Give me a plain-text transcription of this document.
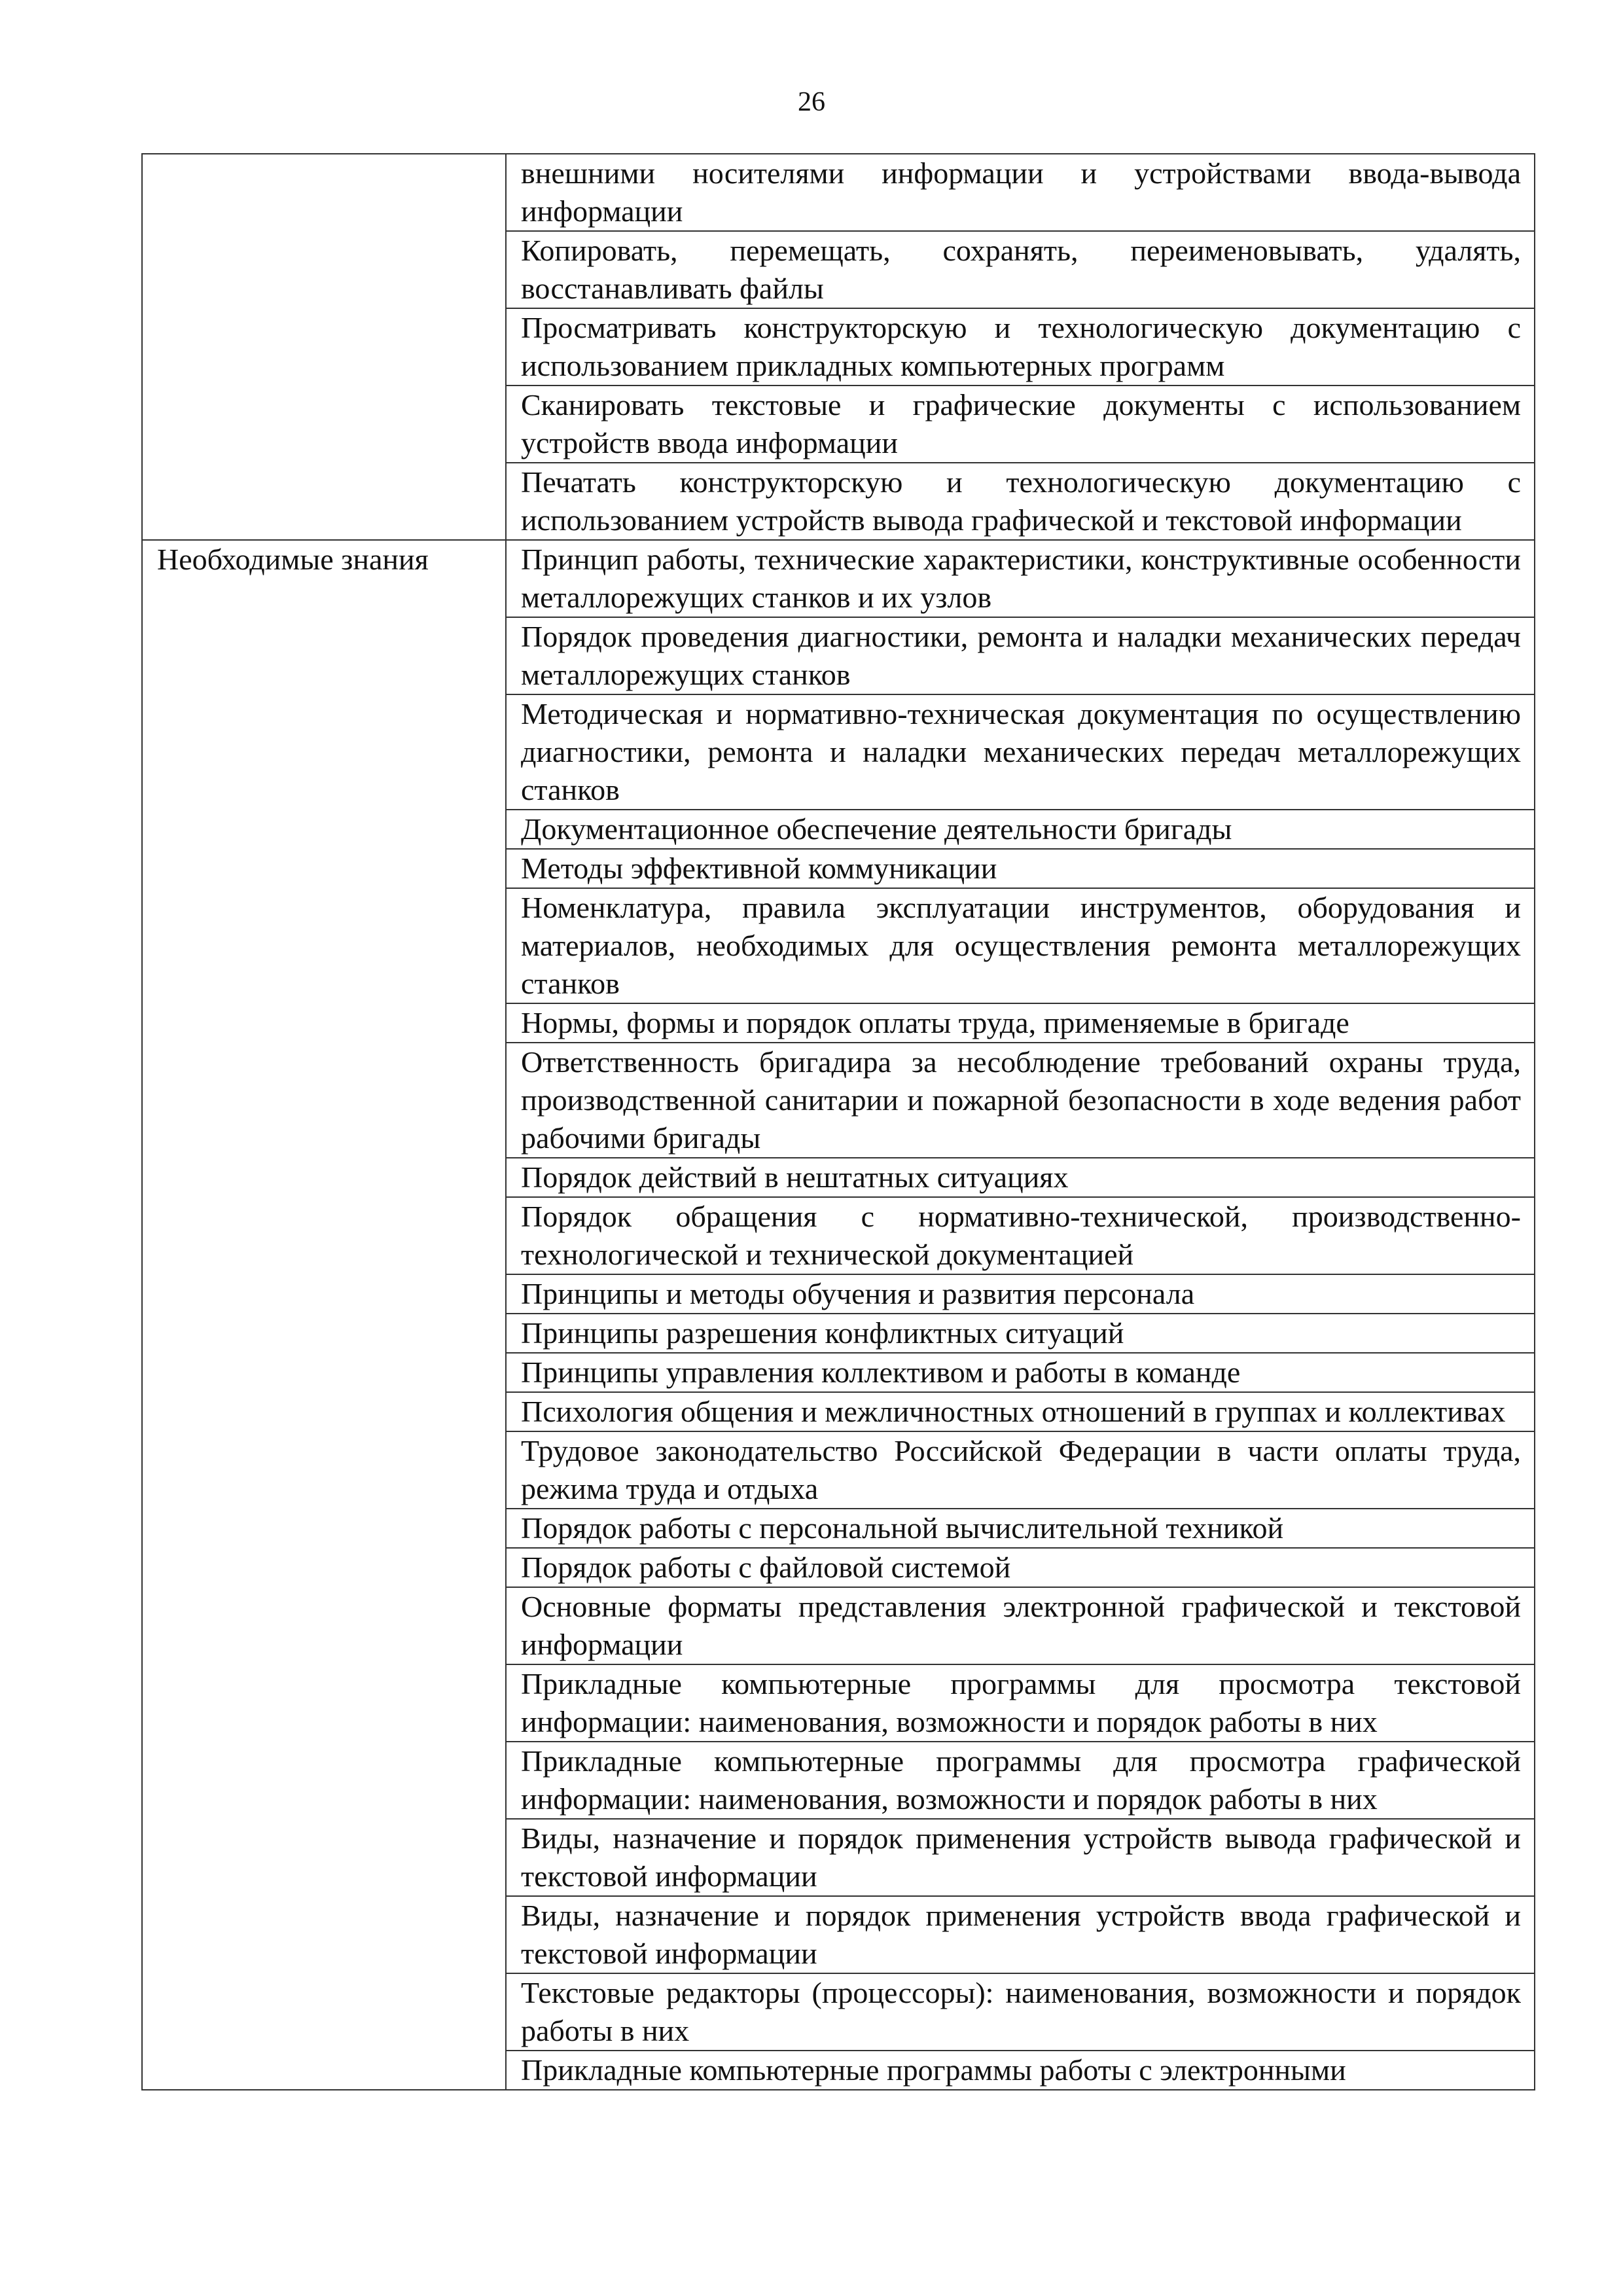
26
	внешними носителями информации и устройствами ввода-вывода информации
	Копировать, перемещать, сохранять, переименовывать, удалять, восстанавливать файлы
	Просматривать конструкторскую и технологическую документацию с использованием прикладных компьютерных программ
	Сканировать текстовые и графические документы с использованием устройств ввода информации
	Печатать конструкторскую и технологическую документацию с использованием устройств вывода графической и текстовой информации
Необходимые знания	Принцип работы, технические характеристики, конструктивные особенности металлорежущих станков и их узлов
	Порядок проведения диагностики, ремонта и наладки механических передач металлорежущих станков
	Методическая и нормативно-техническая документация по осуществлению диагностики, ремонта и наладки механических передач металлорежущих станков
	Документационное обеспечение деятельности бригады
	Методы эффективной коммуникации
	Номенклатура, правила эксплуатации инструментов, оборудования и материалов, необходимых для осуществления ремонта металлорежущих станков
	Нормы, формы и порядок оплаты труда, применяемые в бригаде
	Ответственность бригадира за несоблюдение требований охраны труда, производственной санитарии и пожарной безопасности в ходе ведения работ рабочими бригады
	Порядок действий в нештатных ситуациях
	Порядок обращения с нормативно-технической, производственно-технологической и технической документацией
	Принципы и методы обучения и развития персонала
	Принципы разрешения конфликтных ситуаций
	Принципы управления коллективом и работы в команде
	Психология общения и межличностных отношений в группах и коллективах
	Трудовое законодательство Российской Федерации в части оплаты труда, режима труда и отдыха
	Порядок работы с персональной вычислительной техникой
	Порядок работы с файловой системой
	Основные форматы представления электронной графической и текстовой информации
	Прикладные компьютерные программы для просмотра текстовой информации: наименования, возможности и порядок работы в них
	Прикладные компьютерные программы для просмотра графической информации: наименования, возможности и порядок работы в них
	Виды, назначение и порядок применения устройств вывода графической и текстовой информации
	Виды, назначение и порядок применения устройств ввода графической и текстовой информации
	Текстовые редакторы (процессоры): наименования, возможности и порядок работы в них
	Прикладные компьютерные программы работы с электронными
